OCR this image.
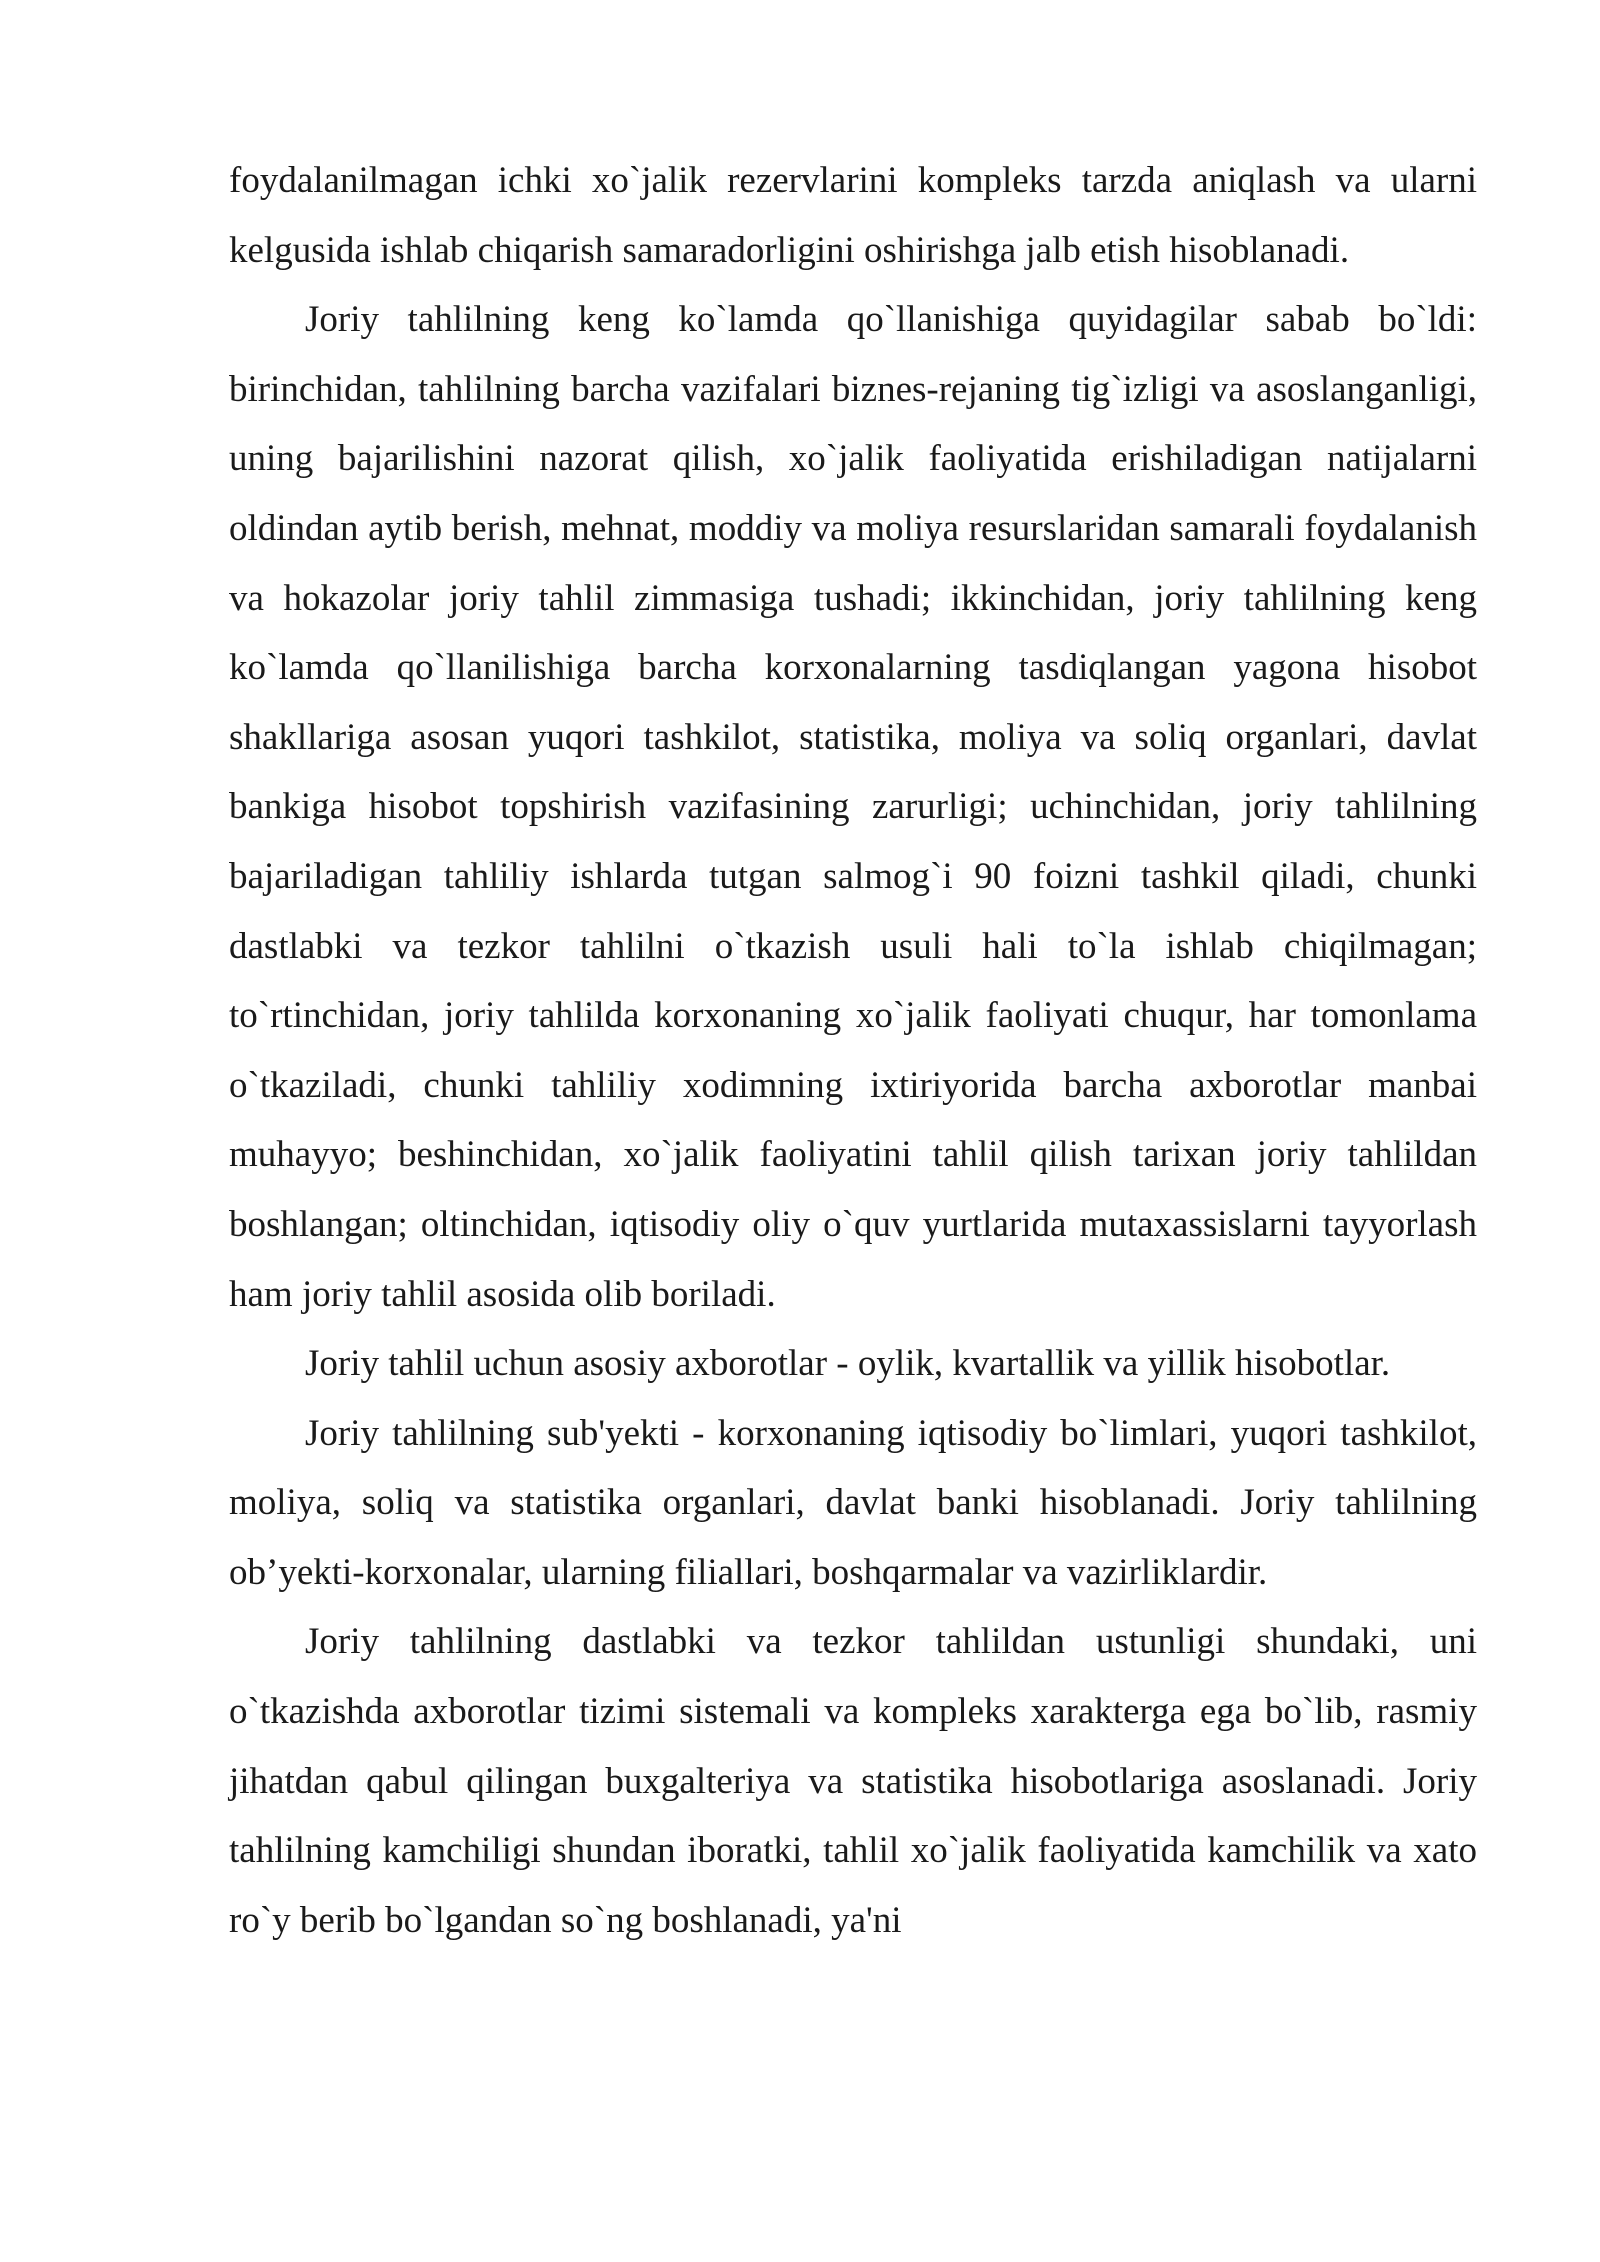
foydalanilmagan ichki xo`jalik rezervlarini kompleks tarzda aniqlash va ularni kelgusida ishlab chiqarish samaradorligini oshirishga jalb etish hisoblanadi.

Joriy tahlilning keng ko`lamda qo`llanishiga quyidagilar sabab bo`ldi: birinchidan, tahlilning barcha vazifalari biznes-rejaning tig`izligi va asoslanganligi, uning bajarilishini nazorat qilish, xo`jalik faoliyatida erishiladigan natijalarni oldindan aytib berish, mehnat, moddiy va moliya resurslaridan samarali foydalanish va hokazolar joriy tahlil zimmasiga tushadi; ikkinchidan, joriy tahlilning keng ko`lamda qo`llanilishiga barcha korxonalarning tasdiqlangan yagona hisobot shakllariga asosan yuqori tashkilot, statistika, moliya va soliq organlari, davlat bankiga hisobot topshirish vazifasining zarurligi; uchinchidan, joriy tahlilning bajariladigan tahliliy ishlarda tutgan salmog`i 90 foizni tashkil qiladi, chunki dastlabki va tezkor tahlilni o`tkazish usuli hali to`la ishlab chiqilmagan; to`rtinchidan, joriy tahlilda korxonaning xo`jalik faoliyati chuqur, har tomonlama o`tkaziladi, chunki tahliliy xodimning ixtiriyorida barcha axborotlar manbai muhayyo; beshinchidan, xo`jalik faoliyatini tahlil qilish tarixan joriy tahlildan boshlangan; oltinchidan, iqtisodiy oliy o`quv yurtlarida mutaxassislarni tayyorlash ham joriy tahlil asosida olib boriladi.

Joriy tahlil uchun asosiy axborotlar - oylik, kvartallik va yillik hisobotlar.

Joriy tahlilning sub'yekti - korxonaning iqtisodiy bo`limlari, yuqori tashkilot, moliya, soliq va statistika organlari, davlat banki hisoblanadi. Joriy tahlilning ob’yekti-korxonalar, ularning filiallari, boshqarmalar va vazirliklardir.

Joriy tahlilning dastlabki va tezkor tahlildan ustunligi shundaki, uni o`tkazishda axborotlar tizimi sistemali va kompleks xarakterga ega bo`lib, rasmiy jihatdan qabul qilingan buxgalteriya va statistika hisobotlariga asoslanadi. Joriy tahlilning kamchiligi shundan iboratki, tahlil xo`jalik faoliyatida kamchilik va xato ro`y berib bo`lgandan so`ng boshlanadi, ya'ni
